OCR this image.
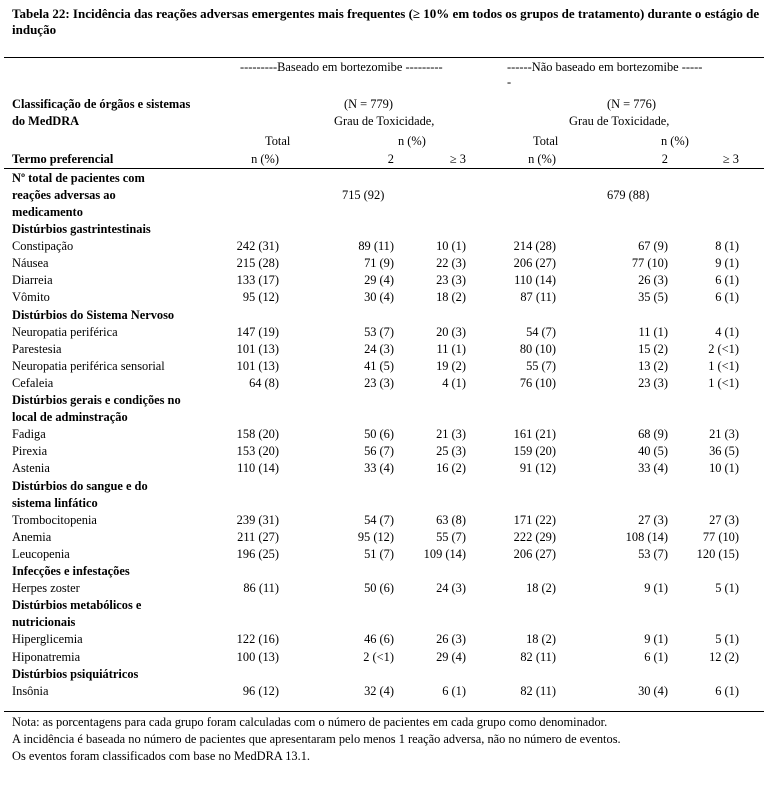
Tabela 22: Incidência das reações adversas emergentes mais frequentes (≥ 10% em todos os grupos de tratamento) durante o estágio de indução
---------Baseado em bortezomibe ---------	------Não baseado em bortezomibe -----
-
Classificação de órgãos e sistemas
do MedDRA
(N = 779)	(N = 776)
Grau de Toxicidade,	Grau de Toxicidade,
Total	n (%)	Total	n (%)
Termo preferencial	n (%)	2	≥ 3	n (%)	2	≥ 3
Nº total de pacientes com
reações adversas ao
medicamento
715 (92)	679 (88)
Distúrbios gastrintestinais
Constipação	242 (31)	89 (11)	10 (1)	214 (28)	67 (9)	8 (1)
Náusea	215 (28)	71 (9)	22 (3)	206 (27)	77 (10)	9 (1)
Diarreia	133 (17)	29 (4)	23 (3)	110 (14)	26 (3)	6 (1)
Vômito	95 (12)	30 (4)	18 (2)	87 (11)	35 (5)	6 (1)
Distúrbios do Sistema Nervoso
Neuropatia periférica	147 (19)	53 (7)	20 (3)	54 (7)	11 (1)	4 (1)
Parestesia	101 (13)	24 (3)	11 (1)	80 (10)	15 (2)	2 (<1)
Neuropatia periférica sensorial	101 (13)	41 (5)	19 (2)	55 (7)	13 (2)	1 (<1)
Cefaleia	64 (8)	23 (3)	4 (1)	76 (10)	23 (3)	1 (<1)
Distúrbios gerais e condições no
local de adminstração
Fadiga	158 (20)	50 (6)	21 (3)	161 (21)	68 (9)	21 (3)
Pirexia	153 (20)	56 (7)	25 (3)	159 (20)	40 (5)	36 (5)
Astenia	110 (14)	33 (4)	16 (2)	91 (12)	33 (4)	10 (1)
Distúrbios do sangue e do
sistema linfático
Trombocitopenia	239 (31)	54 (7)	63 (8)	171 (22)	27 (3)	27 (3)
Anemia	211 (27)	95 (12)	55 (7)	222 (29)	108 (14)	77 (10)
Leucopenia	196 (25)	51 (7) 109 (14)	206 (27)	53 (7) 120 (15)
Infecções e infestações
Herpes zoster	86 (11)	50 (6)	24 (3)	18 (2)	9 (1)	5 (1)
Distúrbios metabólicos e
nutricionais
Hiperglicemia	122 (16)	46 (6)	26 (3)	18 (2)	9 (1)	5 (1)
Hiponatremia	100 (13)	2 (<1)	29 (4)	82 (11)	6 (1)	12 (2)
Distúrbios psiquiátricos
Insônia	96 (12)	32 (4)	6 (1)	82 (11)	30 (4)	6 (1)

Nota: as porcentagens para cada grupo foram calculadas com o número de pacientes em cada grupo como denominador.

A incidência é baseada no número de pacientes que apresentaram pelo menos 1 reação adversa, não no número de eventos.

Os eventos foram classificados com base no MedDRA 13.1.
